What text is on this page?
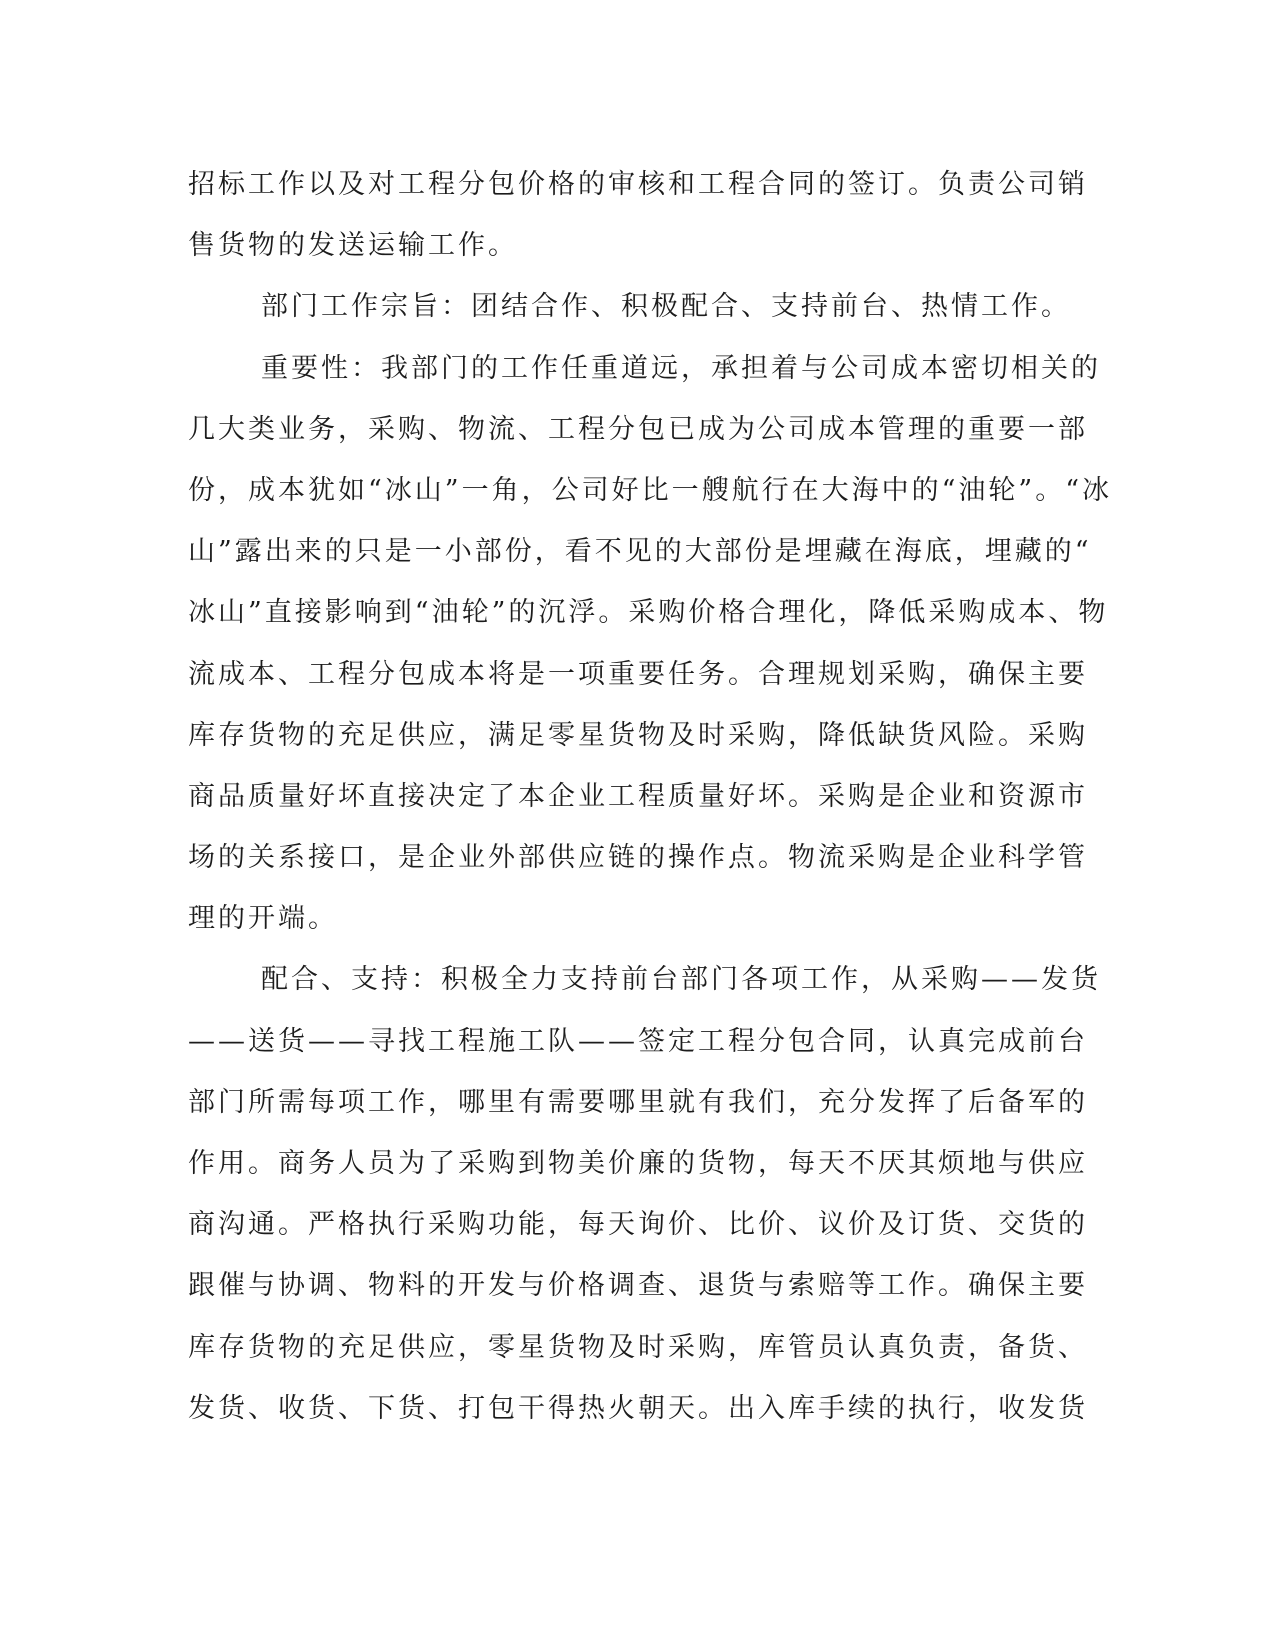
招标工作以及对工程分包价格的审核和工程合同的签订。负责公司销
售货物的发送运输工作。
部门工作宗旨：团结合作、积极配合、支持前台、热情工作。
重要性：我部门的工作任重道远，承担着与公司成本密切相关的
几大类业务，采购、物流、工程分包已成为公司成本管理的重要一部
份，成本犹如“冰山”一角，公司好比一艘航行在大海中的“油轮”。“冰
山”露出来的只是一小部份，看不见的大部份是埋藏在海底，埋藏的“
冰山”直接影响到“油轮”的沉浮。采购价格合理化，降低采购成本、物
流成本、工程分包成本将是一项重要任务。合理规划采购，确保主要
库存货物的充足供应，满足零星货物及时采购，降低缺货风险。采购
商品质量好坏直接决定了本企业工程质量好坏。采购是企业和资源市
场的关系接口，是企业外部供应链的操作点。物流采购是企业科学管
理的开端。
配合、支持：积极全力支持前台部门各项工作，从采购——发货
——送货——寻找工程施工队——签定工程分包合同，认真完成前台
部门所需每项工作，哪里有需要哪里就有我们，充分发挥了后备军的
作用。商务人员为了采购到物美价廉的货物，每天不厌其烦地与供应
商沟通。严格执行采购功能，每天询价、比价、议价及订货、交货的
跟催与协调、物料的开发与价格调查、退货与索赔等工作。确保主要
库存货物的充足供应，零星货物及时采购，库管员认真负责，备货、
发货、收货、下货、打包干得热火朝天。出入库手续的执行，收发货
